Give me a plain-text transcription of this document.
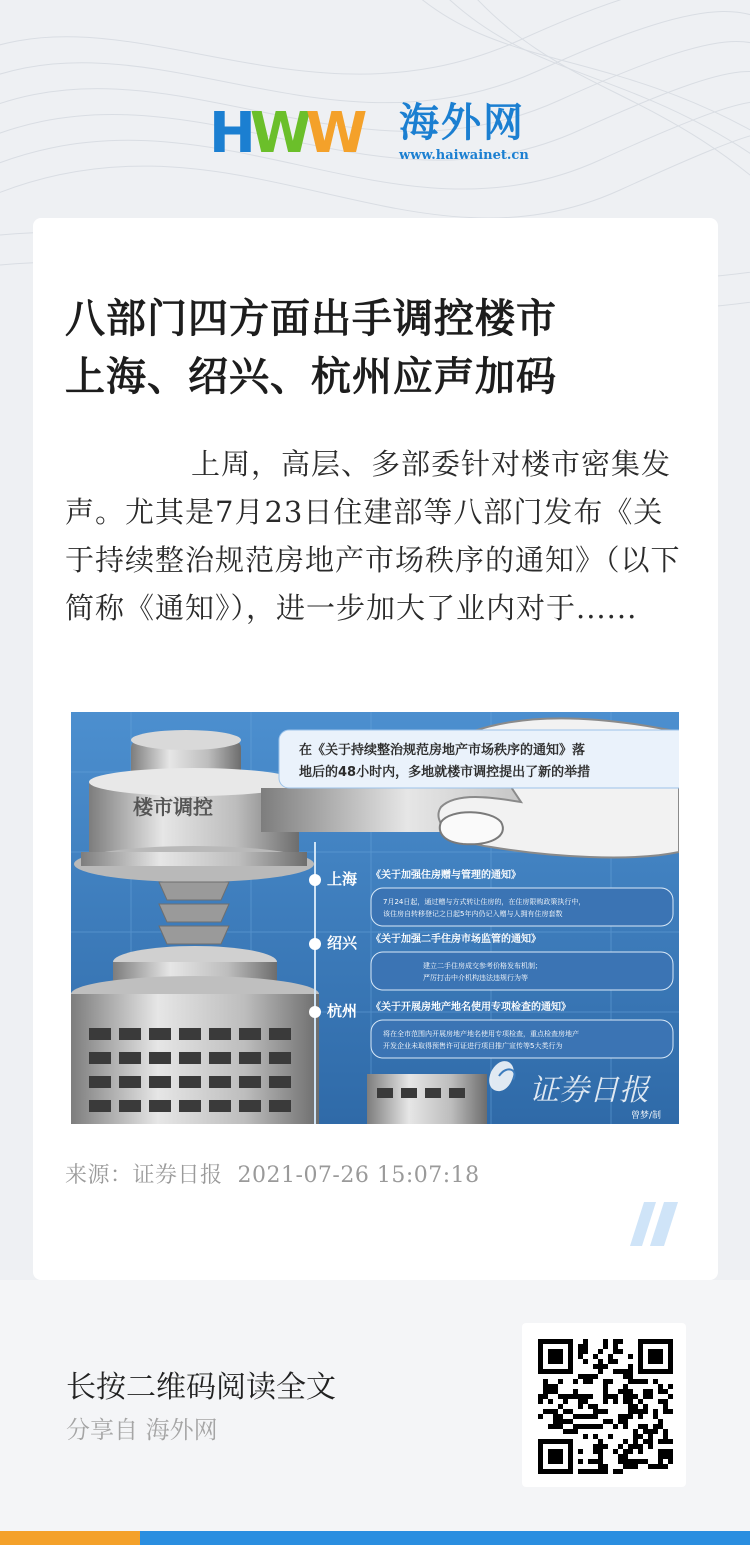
HWW 海外网
www.haiwainet.cn
八部门四方面出手调控楼市
上海、绍兴、杭州应声加码
上周，高层、多部委针对楼市密集发声。尤其是7月23日住建部等八部门发布《关于持续整治规范房地产市场秩序的通知》（以下简称《通知》），进一步加大了业内对于......
在《关于持续整治规范房地产市场秩序的通知》落
地后的48小时内，多地就楼市调控提出了新的举措
楼市调控
上海
绍兴
杭州
《关于加强住房赠与管理的通知》
《关于加强二手住房市场监管的通知》
《关于开展房地产地名使用专项检查的通知》
7月24日起，通过赠与方式转让住房的，在住房限购政策执行中，
该住房自转移登记之日起5年内仍记入赠与人拥有住房套数
建立二手住房成交参考价格发布机制；
严厉打击中介机构违法违规行为等
将在全市范围内开展房地产地名使用专项检查，重点检查房地产
开发企业未取得预售许可证进行项目推广宣传等5大类行为
证券日报
曾梦/制
来源：证券日报 2021-07-26 15:07:18
长按二维码阅读全文
分享自 海外网
